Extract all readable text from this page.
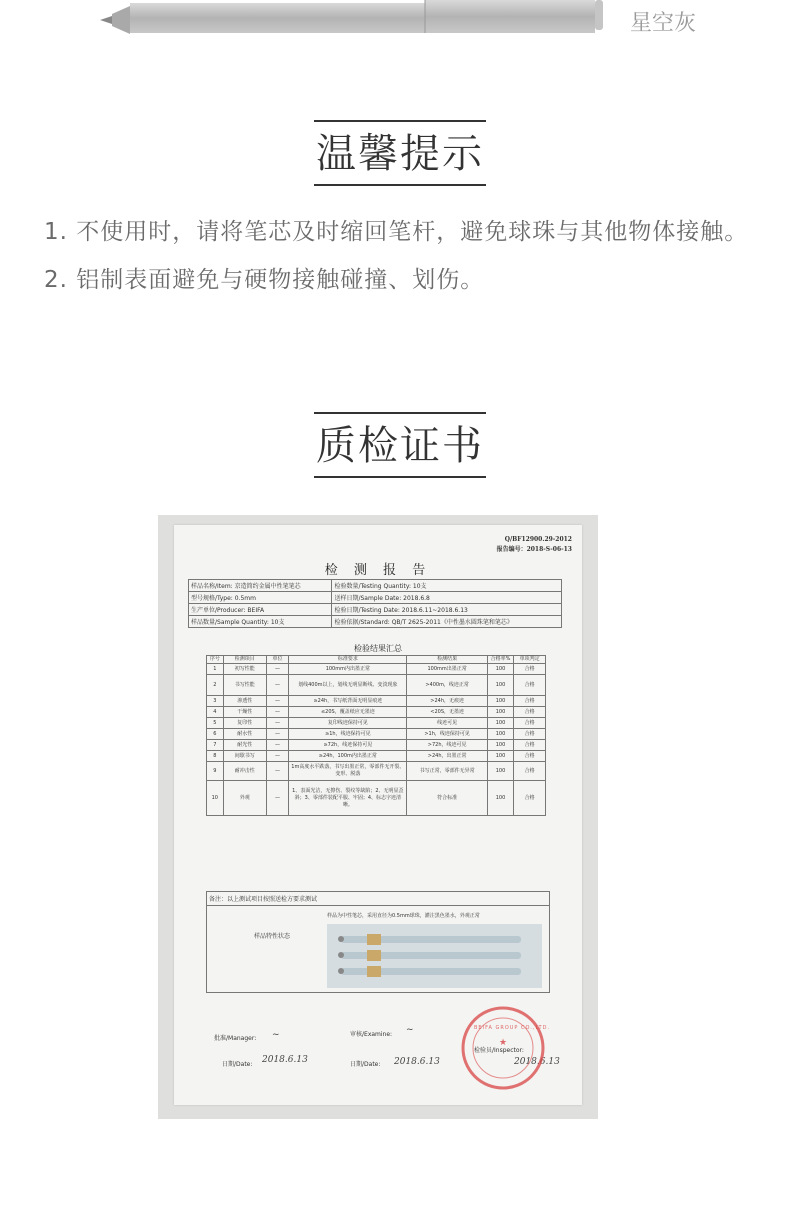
星空灰
温馨提示

1. 不使用时，请将笔芯及时缩回笔杆，避免球珠与其他物体接触。

2. 铝制表面避免与硬物接触碰撞、划伤。

质检证书
Q/BF12900.29-2012
报告编号：2018-S-06-13
检 测 报 告
样品名称/Item: 京造简约金属中性笔笔芯	检验数量/Testing Quantity: 10支
型号规格/Type: 0.5mm	送样日期/Sample Date: 2018.6.8
生产单位/Producer: BEIFA	检验日期/Testing Date: 2018.6.11~2018.6.13
样品数量/Sample Quantity: 10支	检验依据/Standard: QB/T 2625-2011《中性墨水圆珠笔和笔芯》
检验结果汇总
序号	检测项目	单位	标准要求	检测结果	合格率%	单项判定
1	初写性能	—	100mm内出墨正常	100mm出墨正常	100	合格
2	书写性能	—	划线400m以上，划线无明显断线、变淡现象	>400m，线迹正常	100	合格
3	渗透性	—	≥24h，书写纸背面无明显痕迹	>24h，无痕迹	100	合格
4	干燥性	—	≤20S，覆盖纸应无墨迹	<20S，无墨迹	100	合格
5	复印性	—	复印线迹保持可见	线迹可见	100	合格
6	耐水性	—	≥1h，线迹保持可见	>1h，线迹保持可见	100	合格
7	耐光性	—	≥72h，线迹保持可见	>72h，线迹可见	100	合格
8	间歇书写	—	≥24h，100m内出墨正常	>24h，出墨正常	100	合格
9	耐冲击性	—	1m高度水平跌落，书写出墨正常，零部件无开裂、变形、脱落	书写正常，零部件无异常	100	合格
10	外观	—	1、表面光洁，无擦伤、裂纹等缺陷；2、无明显歪斜；3、零部件装配平服、牢固；4、标志字迹清晰。	符合标准	100	合格
备注：以上测试项目按照送检方要求测试
样品特性状态
样品为中性笔芯，采用直径为0.5mm球珠，灌注黑色墨水，外观正常
批准/Manager: ~
日期/Date: 2018.6.13
审核/Examine: ~
日期/Date: 2018.6.13
检验员/Inspector:
2018.6.13
★
BEIFA GROUP CO.,LTD.
